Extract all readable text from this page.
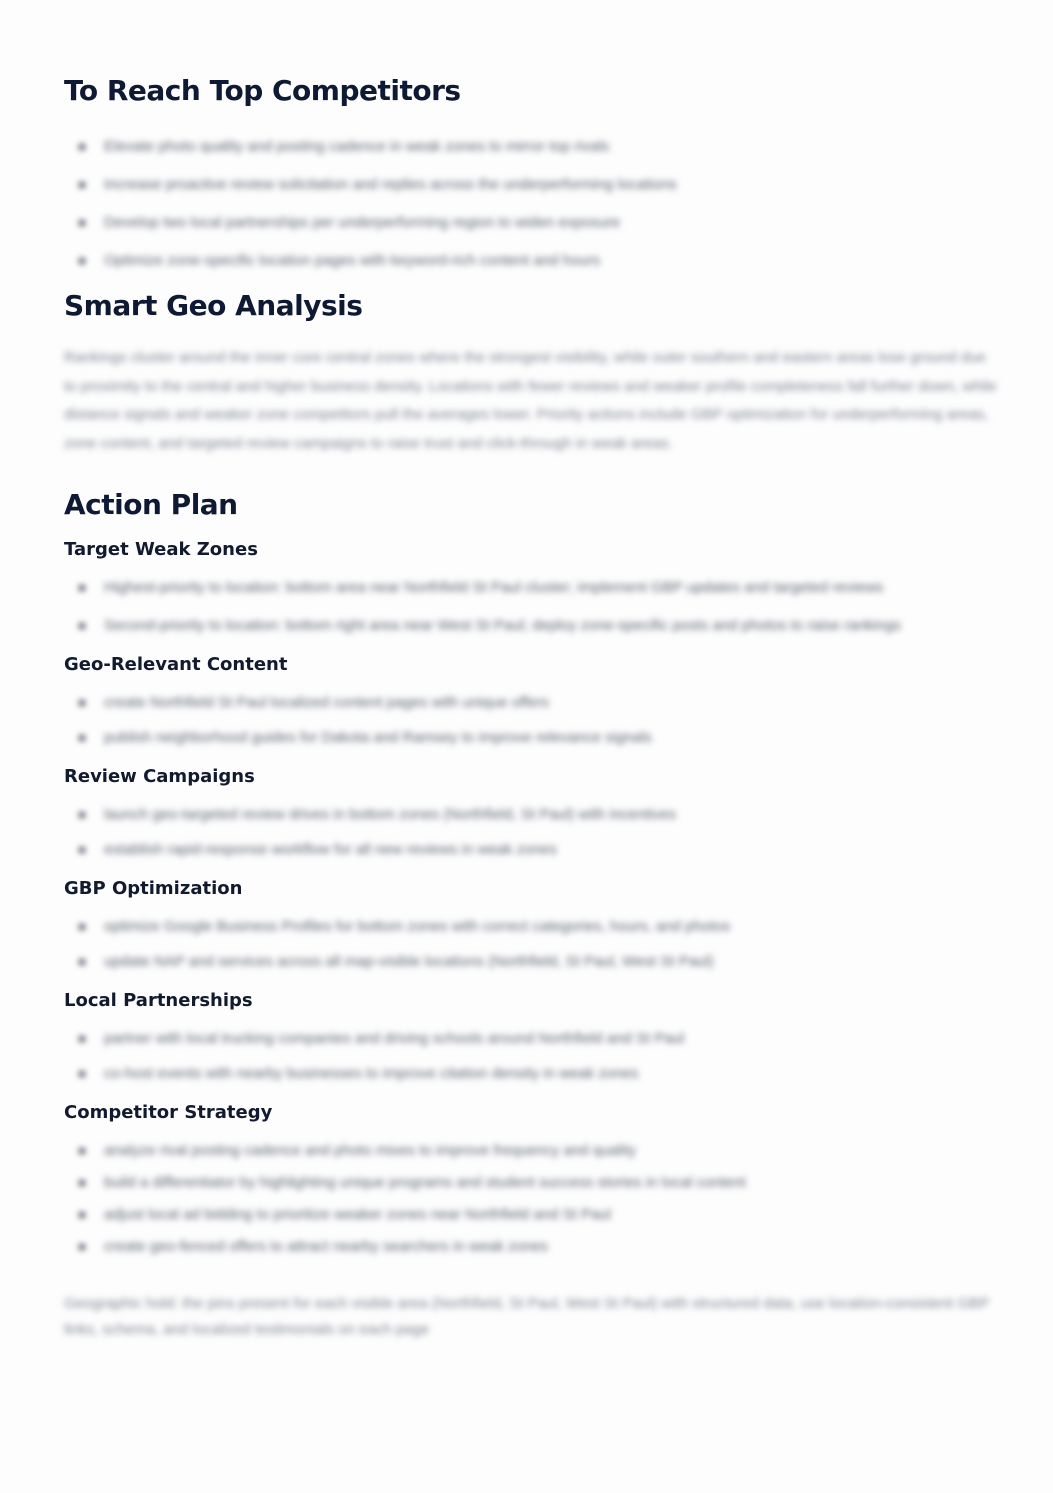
To Reach Top Competitors
Elevate photo quality and posting cadence in weak zones to mirror top rivals
Increase proactive review solicitation and replies across the underperforming locations
Develop two local partnerships per underperforming region to widen exposure
Optimize zone-specific location pages with keyword-rich content and hours
Smart Geo Analysis

Rankings cluster around the inner core central zones where the strongest visibility, while outer southern and eastern areas lose ground due to proximity to the central and higher business density. Locations with fewer reviews and weaker profile completeness fall further down, while distance signals and weaker zone competitors pull the averages lower. Priority actions include GBP optimization for underperforming areas, zone content, and targeted review campaigns to raise trust and click-through in weak areas.

Action Plan
Target Weak Zones
Highest-priority to location: bottom area near Northfield St Paul cluster; implement GBP updates and targeted reviews
Second-priority to location: bottom right area near West St Paul; deploy zone-specific posts and photos to raise rankings
Geo-Relevant Content
create Northfield St Paul localized content pages with unique offers
publish neighborhood guides for Dakota and Ramsey to improve relevance signals
Review Campaigns
launch geo-targeted review drives in bottom zones (Northfield, St Paul) with incentives
establish rapid-response workflow for all new reviews in weak zones
GBP Optimization
optimize Google Business Profiles for bottom zones with correct categories, hours, and photos
update NAP and services across all map-visible locations (Northfield, St Paul, West St Paul)
Local Partnerships
partner with local trucking companies and driving schools around Northfield and St Paul
co-host events with nearby businesses to improve citation density in weak zones
Competitor Strategy
analyze rival posting cadence and photo mixes to improve frequency and quality
build a differentiator by highlighting unique programs and student success stories in local content
adjust local ad bidding to prioritize weaker zones near Northfield and St Paul
create geo-fenced offers to attract nearby searchers in weak zones

Geographic hold: the pins present for each visible area (Northfield, St Paul, West St Paul) with structured data, use location-consistent GBP links, schema, and localized testimonials on each page
